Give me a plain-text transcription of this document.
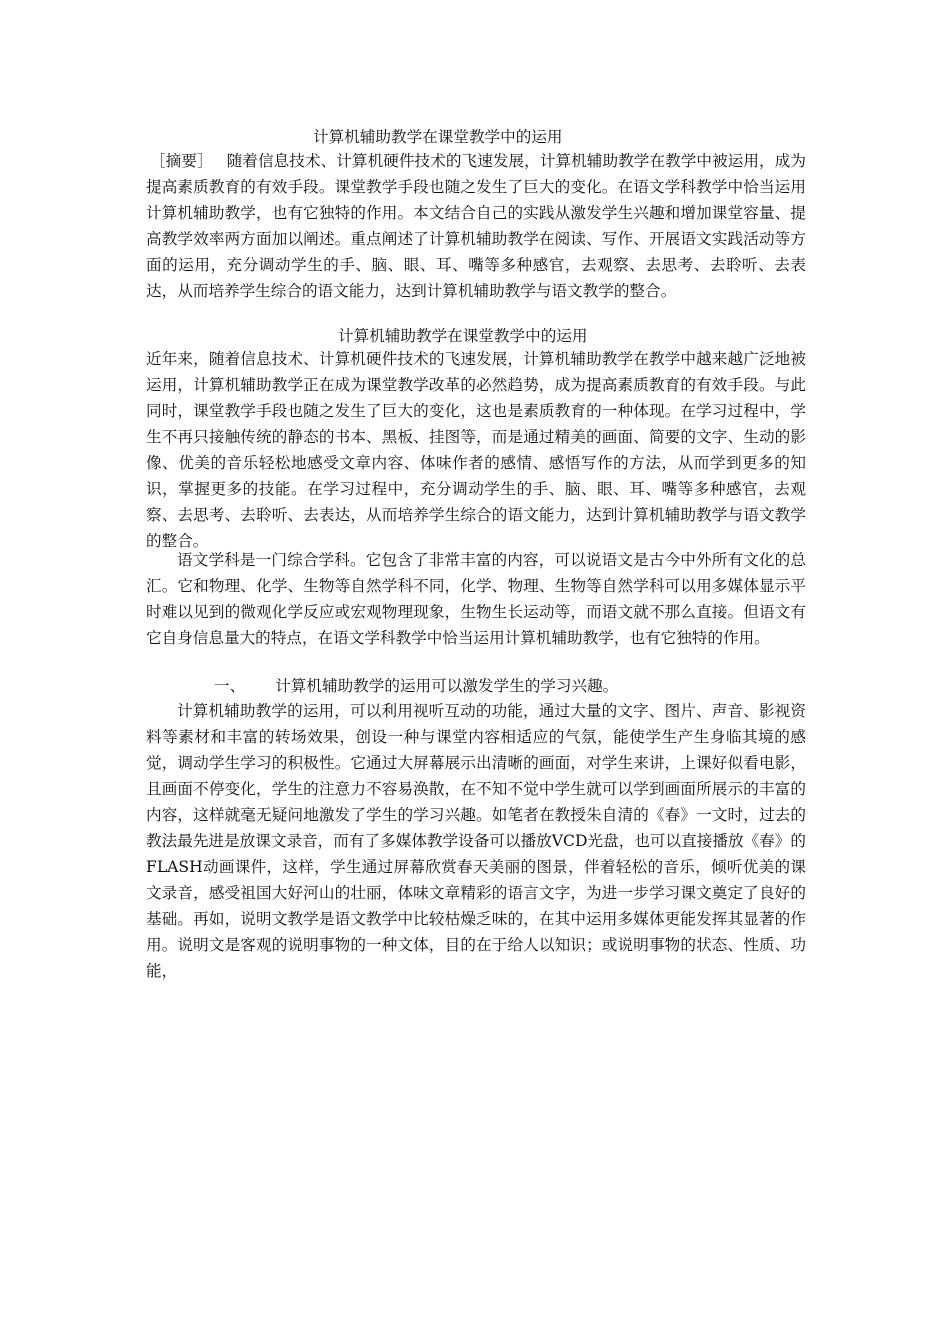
计算机辅助教学在课堂教学中的运用

［摘要］ 随着信息技术、计算机硬件技术的飞速发展，计算机辅助教学在教学中被运用，成为提高素质教育的有效手段。课堂教学手段也随之发生了巨大的变化。在语文学科教学中恰当运用计算机辅助教学，也有它独特的作用。本文结合自己的实践从激发学生兴趣和增加课堂容量、提高教学效率两方面加以阐述。重点阐述了计算机辅助教学在阅读、写作、开展语文实践活动等方面的运用，充分调动学生的手、脑、眼、耳、嘴等多种感官，去观察、去思考、去聆听、去表达，从而培养学生综合的语文能力，达到计算机辅助教学与语文教学的整合。

计算机辅助教学在课堂教学中的运用

近年来，随着信息技术、计算机硬件技术的飞速发展，计算机辅助教学在教学中越来越广泛地被运用，计算机辅助教学正在成为课堂教学改革的必然趋势，成为提高素质教育的有效手段。与此同时，课堂教学手段也随之发生了巨大的变化，这也是素质教育的一种体现。在学习过程中，学生不再只接触传统的静态的书本、黑板、挂图等，而是通过精美的画面、简要的文字、生动的影像、优美的音乐轻松地感受文章内容、体味作者的感情、感悟写作的方法，从而学到更多的知识，掌握更多的技能。在学习过程中，充分调动学生的手、脑、眼、耳、嘴等多种感官，去观察、去思考、去聆听、去表达，从而培养学生综合的语文能力，达到计算机辅助教学与语文教学的整合。

语文学科是一门综合学科。它包含了非常丰富的内容，可以说语文是古今中外所有文化的总汇。它和物理、化学、生物等自然学科不同，化学、物理、生物等自然学科可以用多媒体显示平时难以见到的微观化学反应或宏观物理现象，生物生长运动等，而语文就不那么直接。但语文有它自身信息量大的特点，在语文学科教学中恰当运用计算机辅助教学，也有它独特的作用。

一、 计算机辅助教学的运用可以激发学生的学习兴趣。

计算机辅助教学的运用，可以利用视听互动的功能，通过大量的文字、图片、声音、影视资料等素材和丰富的转场效果，创设一种与课堂内容相适应的气氛，能使学生产生身临其境的感觉，调动学生学习的积极性。它通过大屏幕展示出清晰的画面，对学生来讲，上课好似看电影，且画面不停变化，学生的注意力不容易涣散，在不知不觉中学生就可以学到画面所展示的丰富的内容，这样就毫无疑问地激发了学生的学习兴趣。如笔者在教授朱自清的《春》一文时，过去的教法最先进是放课文录音，而有了多媒体教学设备可以播放VCD光盘，也可以直接播放《春》的FLASH动画课件，这样，学生通过屏幕欣赏春天美丽的图景，伴着轻松的音乐，倾听优美的课文录音，感受祖国大好河山的壮丽，体味文章精彩的语言文字，为进一步学习课文奠定了良好的基础。再如，说明文教学是语文教学中比较枯燥乏味的，在其中运用多媒体更能发挥其显著的作用。说明文是客观的说明事物的一种文体，目的在于给人以知识；或说明事物的状态、性质、功能，
